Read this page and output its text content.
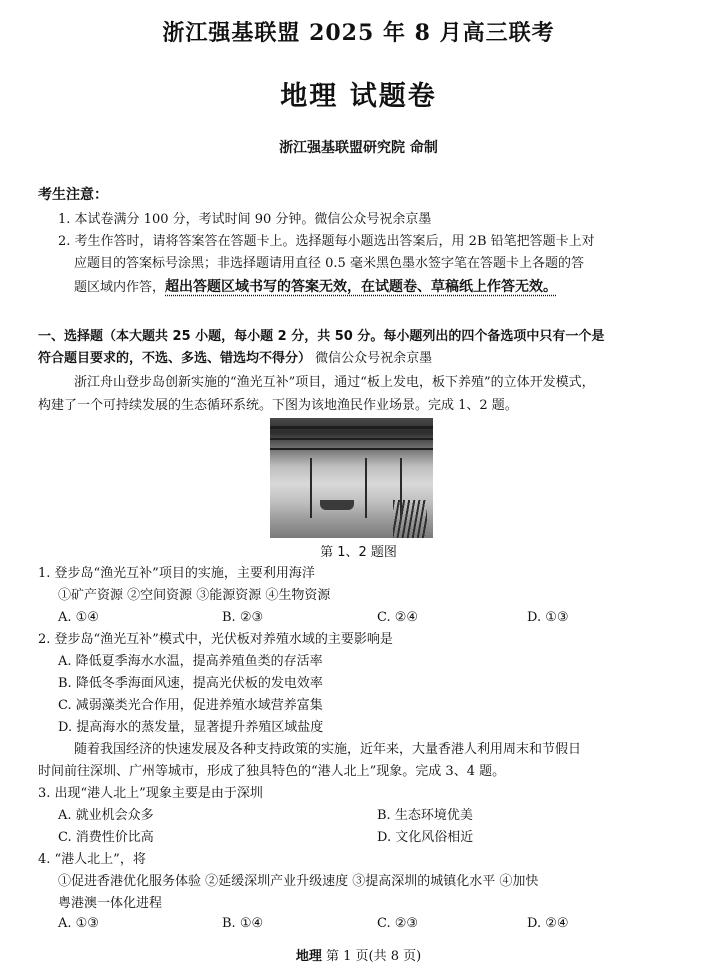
浙江强基联盟 2025 年 8 月高三联考
地理 试题卷
浙江强基联盟研究院 命制
考生注意：
1. 本试卷满分 100 分，考试时间 90 分钟。微信公众号祝余京墨
2. 考生作答时，请将答案答在答题卡上。选择题每小题选出答案后，用 2B 铅笔把答题卡上对
应题目的答案标号涂黑；非选择题请用直径 0.5 毫米黑色墨水签字笔在答题卡上各题的答
题区域内作答，超出答题区域书写的答案无效，在试题卷、草稿纸上作答无效。
一、选择题（本大题共 25 小题，每小题 2 分，共 50 分。每小题列出的四个备选项中只有一个是
符合题目要求的，不选、多选、错选均不得分） 微信公众号祝余京墨
浙江舟山登步岛创新实施的“渔光互补”项目，通过“板上发电，板下养殖”的立体开发模式，
构建了一个可持续发展的生态循环系统。下图为该地渔民作业场景。完成 1、2 题。
第 1、2 题图
1. 登步岛“渔光互补”项目的实施，主要利用海洋
①矿产资源 ②空间资源 ③能源资源 ④生物资源
A. ①④	B. ②③	C. ②④	D. ①③
2. 登步岛“渔光互补”模式中，光伏板对养殖水域的主要影响是
A. 降低夏季海水水温，提高养殖鱼类的存活率
B. 降低冬季海面风速，提高光伏板的发电效率
C. 减弱藻类光合作用，促进养殖水域营养富集
D. 提高海水的蒸发量，显著提升养殖区域盐度
随着我国经济的快速发展及各种支持政策的实施，近年来，大量香港人利用周末和节假日
时间前往深圳、广州等城市，形成了独具特色的“港人北上”现象。完成 3、4 题。
3. 出现“港人北上”现象主要是由于深圳
A. 就业机会众多	B. 生态环境优美
C. 消费性价比高	D. 文化风俗相近
4. “港人北上”，将
①促进香港优化服务体验 ②延缓深圳产业升级速度 ③提高深圳的城镇化水平 ④加快
粤港澳一体化进程
A. ①③	B. ①④	C. ②③	D. ②④
地理 第 1 页(共 8 页)
